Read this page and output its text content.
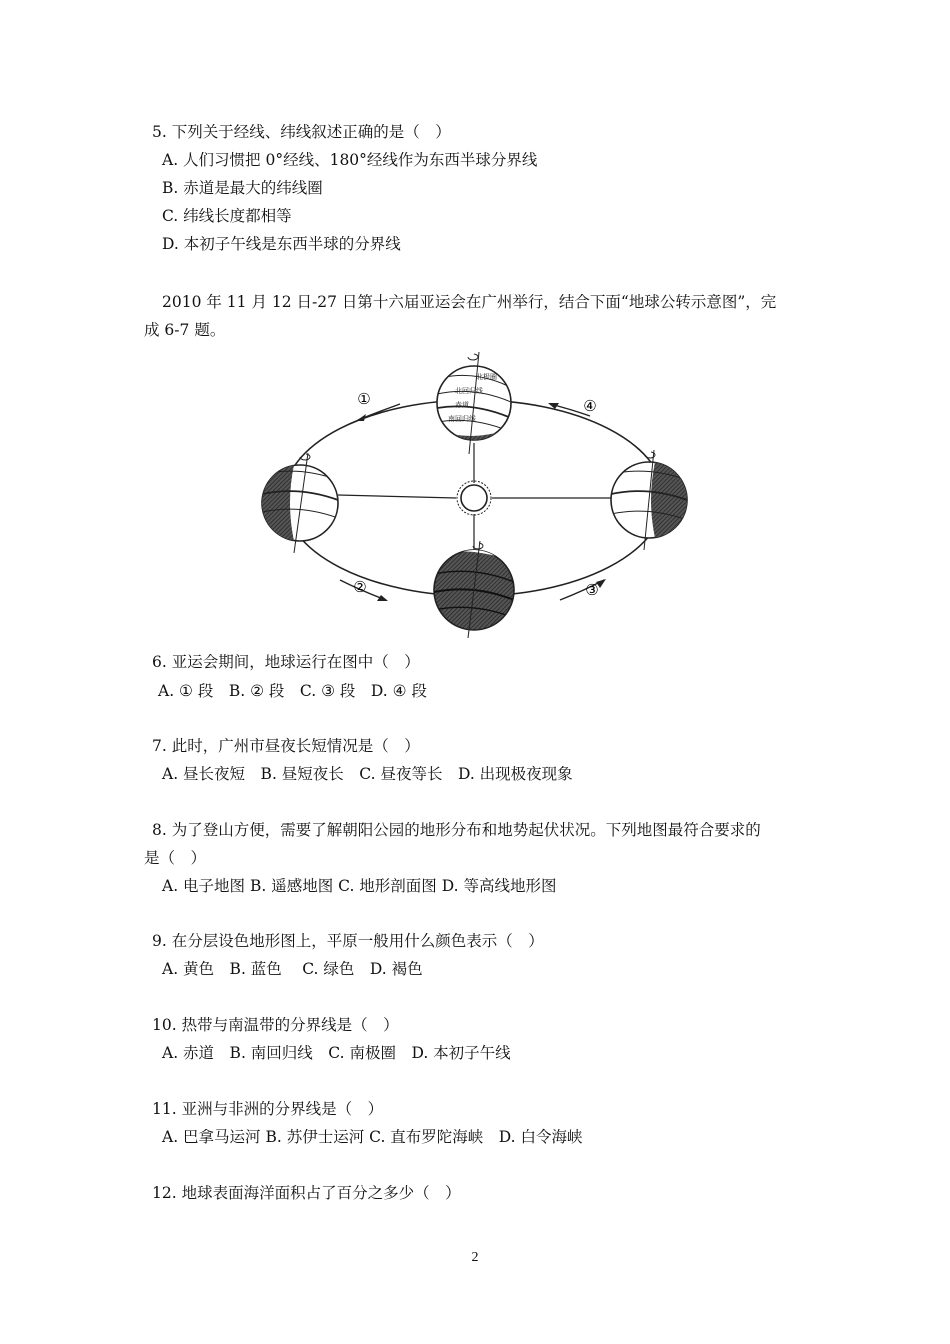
5. 下列关于经线、纬线叙述正确的是（　）
A. 人们习惯把 0°经线、180°经线作为东西半球分界线
B. 赤道是最大的纬线圈
C. 纬线长度都相等
D. 本初子午线是东西半球的分界线
2010 年 11 月 12 日-27 日第十六届亚运会在广州举行，结合下面“地球公转示意图”，完
成 6-7 题。
①
②	③
④
北极圈
北回归线
赤道
南回归线
6. 亚运会期间，地球运行在图中（　）
A. ① 段　B. ② 段　C. ③ 段　D. ④ 段
7. 此时，广州市昼夜长短情况是（　）
A. 昼长夜短　B. 昼短夜长　C. 昼夜等长　D. 出现极夜现象
8. 为了登山方便，需要了解朝阳公园的地形分布和地势起伏状况。下列地图最符合要求的
是（　）
A. 电子地图 B. 遥感地图 C. 地形剖面图 D. 等高线地形图
9. 在分层设色地形图上，平原一般用什么颜色表示（　）
A. 黄色　B. 蓝色　 C. 绿色　D. 褐色
10. 热带与南温带的分界线是（　）
A. 赤道　B. 南回归线　C. 南极圈　D. 本初子午线
11. 亚洲与非洲的分界线是（　）
A. 巴拿马运河 B. 苏伊士运河 C. 直布罗陀海峡　D. 白令海峡
12. 地球表面海洋面积占了百分之多少（　）
2
